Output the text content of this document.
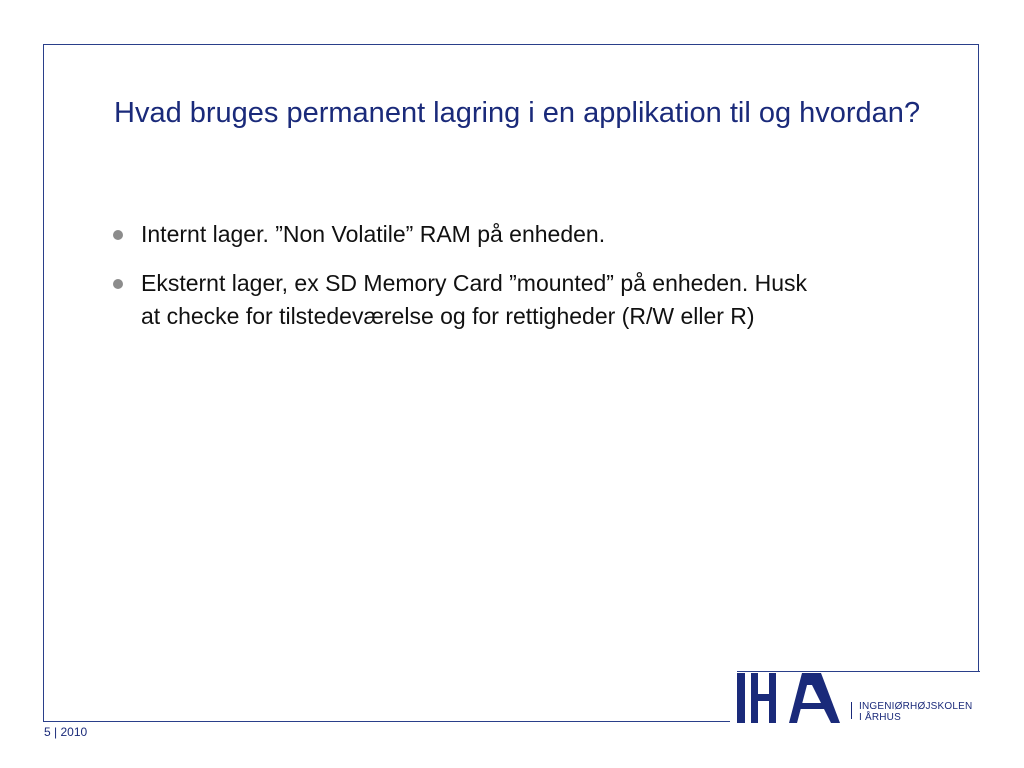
Hvad bruges permanent lagring i en applikation til og hvordan?
Internt lager. ”Non Volatile” RAM på enheden.
Eksternt lager, ex SD Memory Card ”mounted” på enheden. Husk at checke for tilstedeværelse og for rettigheder (R/W eller R)
INGENIØRHØJSKOLEN
I ÅRHUS
5 | 2010
